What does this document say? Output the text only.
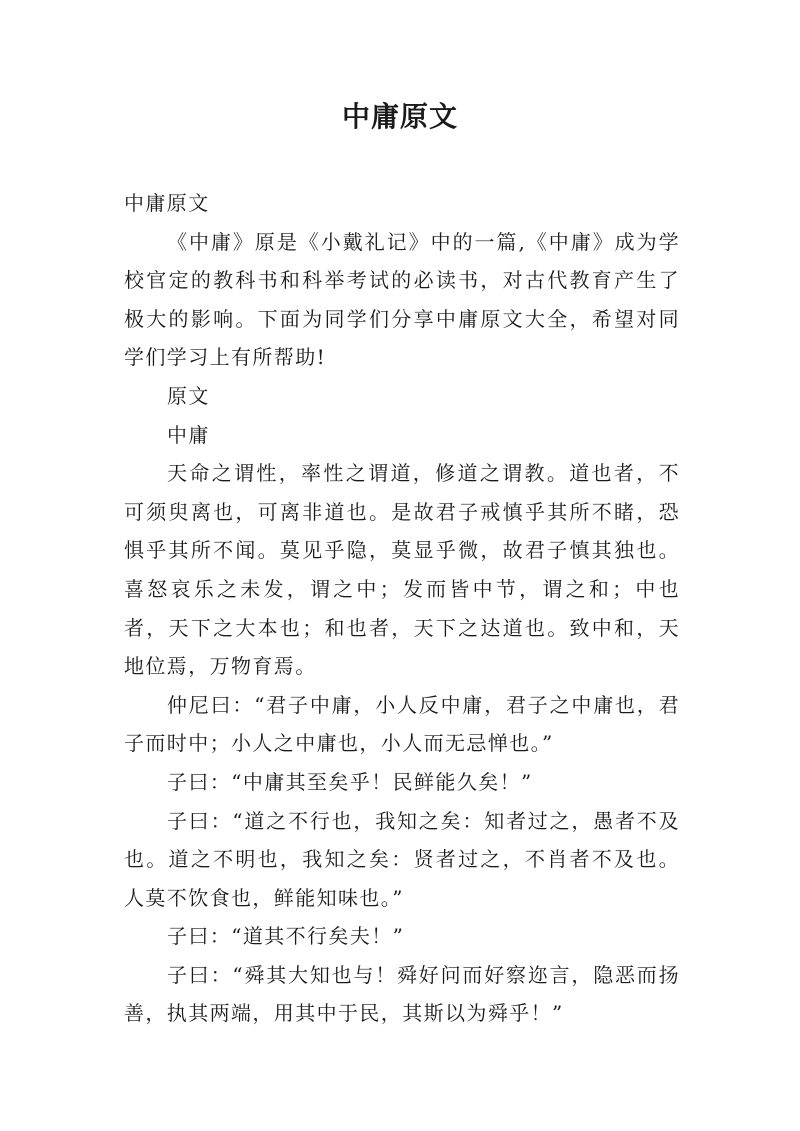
中庸原文

中庸原文

《中庸》原是《小戴礼记》中的一篇,《中庸》成为学校官定的教科书和科举考试的必读书，对古代教育产生了极大的影响。下面为同学们分享中庸原文大全，希望对同学们学习上有所帮助!

原文

中庸

天命之谓性，率性之谓道，修道之谓教。道也者，不可须臾离也，可离非道也。是故君子戒慎乎其所不睹，恐惧乎其所不闻。莫见乎隐，莫显乎微，故君子慎其独也。喜怒哀乐之未发，谓之中；发而皆中节，谓之和；中也者，天下之大本也；和也者，天下之达道也。致中和，天地位焉，万物育焉。

仲尼曰：“君子中庸，小人反中庸，君子之中庸也，君子而时中；小人之中庸也，小人而无忌惮也。”

子曰：“中庸其至矣乎！民鲜能久矣！”

子曰：“道之不行也，我知之矣：知者过之，愚者不及也。道之不明也，我知之矣：贤者过之，不肖者不及也。人莫不饮食也，鲜能知味也。”

子曰：“道其不行矣夫！”

子曰：“舜其大知也与！舜好问而好察迩言，隐恶而扬善，执其两端，用其中于民，其斯以为舜乎！”
